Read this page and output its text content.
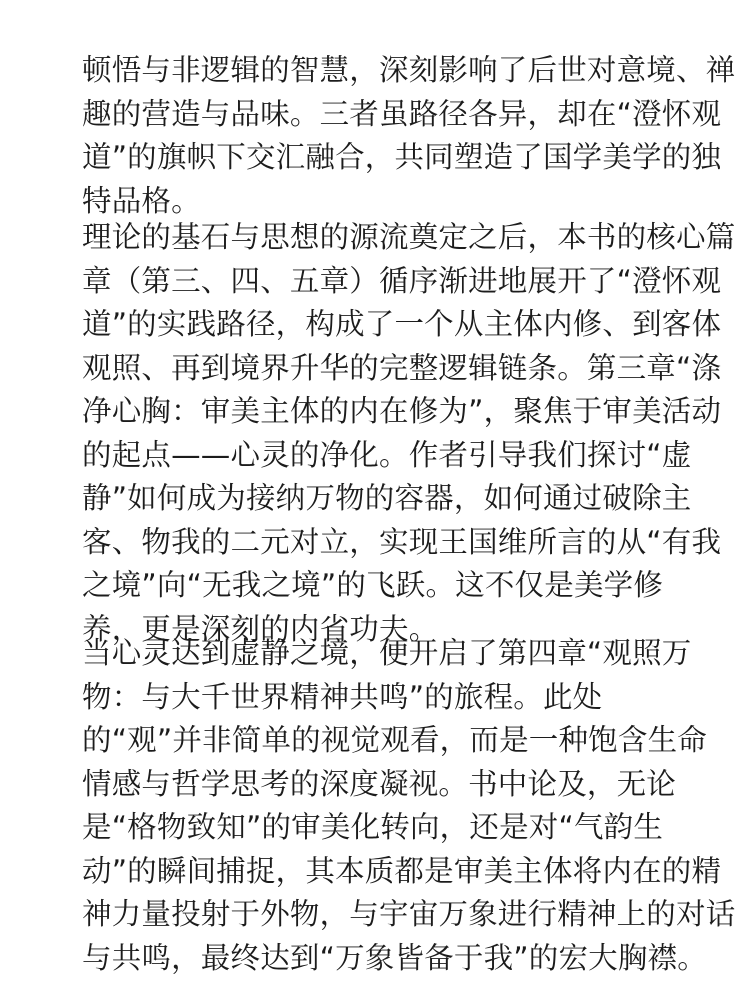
顿悟与非逻辑的智慧，深刻影响了后世对意境、禅
趣的营造与品味。三者虽路径各异，却在“澄怀观
道”的旗帜下交汇融合，共同塑造了国学美学的独
特品格。
理论的基石与思想的源流奠定之后，本书的核心篇
章（第三、四、五章）循序渐进地展开了“澄怀观
道”的实践路径，构成了一个从主体内修、到客体
观照、再到境界升华的完整逻辑链条。第三章“涤
净心胸：审美主体的内在修为”，聚焦于审美活动
的起点——心灵的净化。作者引导我们探讨“虚
静”如何成为接纳万物的容器，如何通过破除主
客、物我的二元对立，实现王国维所言的从“有我
之境”向“无我之境”的飞跃。这不仅是美学修
养，更是深刻的内省功夫。
当心灵达到虚静之境，便开启了第四章“观照万
物：与大千世界精神共鸣”的旅程。此处
的“观”并非简单的视觉观看，而是一种饱含生命
情感与哲学思考的深度凝视。书中论及，无论
是“格物致知”的审美化转向，还是对“气韵生
动”的瞬间捕捉，其本质都是审美主体将内在的精
神力量投射于外物，与宇宙万象进行精神上的对话
与共鸣，最终达到“万象皆备于我”的宏大胸襟。
